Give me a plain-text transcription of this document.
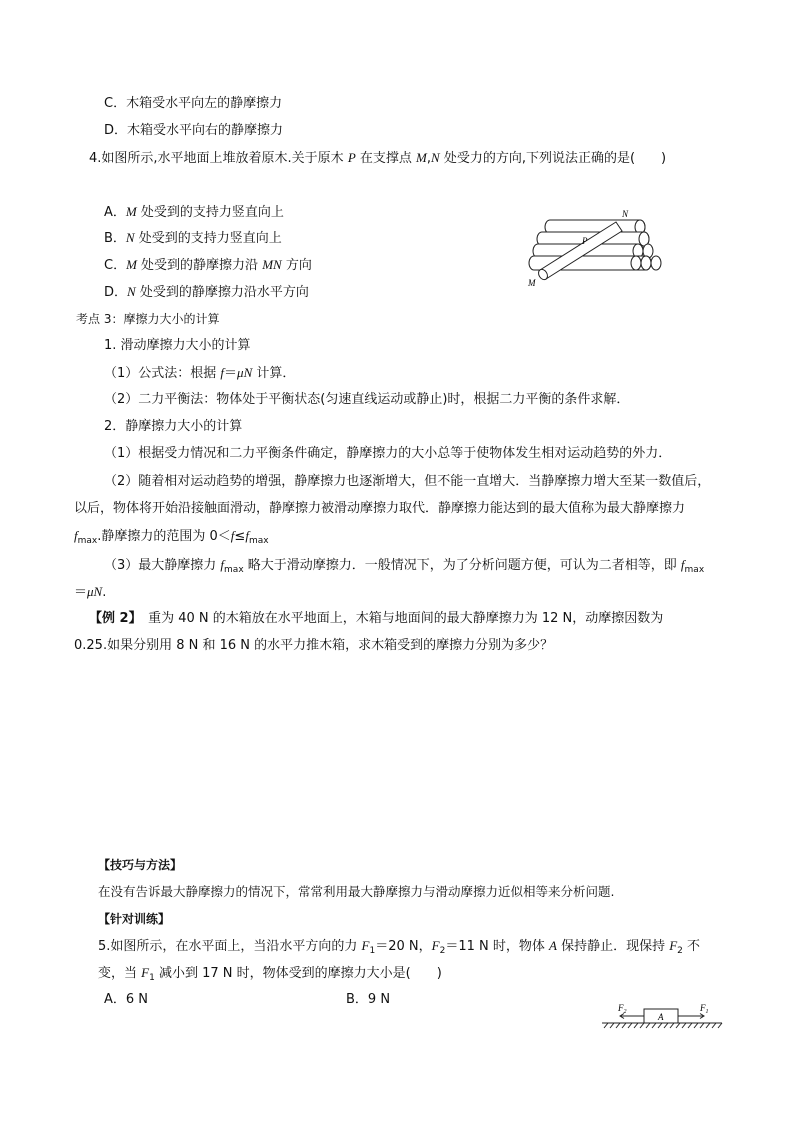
C．木箱受水平向左的静摩擦力
D．木箱受水平向右的静摩擦力
4.如图所示,水平地面上堆放着原木.关于原木 P 在支撑点 M,N 处受力的方向,下列说法正确的是(　　)
A．M 处受到的支持力竖直向上
B．N 处受到的支持力竖直向上
C．M 处受到的静摩擦力沿 MN 方向
D．N 处受到的静摩擦力沿水平方向
N
P
M
考点 3：摩擦力大小的计算
1. 滑动摩擦力大小的计算
（1）公式法：根据 f＝μN 计算．
（2）二力平衡法：物体处于平衡状态(匀速直线运动或静止)时，根据二力平衡的条件求解．
2．静摩擦力大小的计算
（1）根据受力情况和二力平衡条件确定，静摩擦力的大小总等于使物体发生相对运动趋势的外力．
（2）随着相对运动趋势的增强，静摩擦力也逐渐增大，但不能一直增大．当静摩擦力增大至某一数值后，
以后，物体将开始沿接触面滑动，静摩擦力被滑动摩擦力取代．静摩擦力能达到的最大值称为最大静摩擦力
$f_{max}$.静摩擦力的范围为 $0<f\le f_{max}$
（3）最大静摩擦力 $f_{max}$ 略大于滑动摩擦力．一般情况下，为了分析问题方便，可认为二者相等，即 $f_{max}$
＝μN.
【例 2】　重为 40 N 的木箱放在水平地面上，木箱与地面间的最大静摩擦力为 12 N，动摩擦因数为
0.25.如果分别用 8 N 和 16 N 的水平力推木箱，求木箱受到的摩擦力分别为多少？
【技巧与方法】
在没有告诉最大静摩擦力的情况下，常常利用最大静摩擦力与滑动摩擦力近似相等来分析问题.
【针对训练】
5.如图所示，在水平面上，当沿水平方向的力 $F_1=20$ N，$F_2=11$ N 时，物体 A 保持静止．现保持 $F_2$ 不
变，当 $F_1$ 减小到 17 N 时，物体受到的摩擦力大小是(　　)
A．6 N	B．9 N
$F_2$	A
$F_1$
